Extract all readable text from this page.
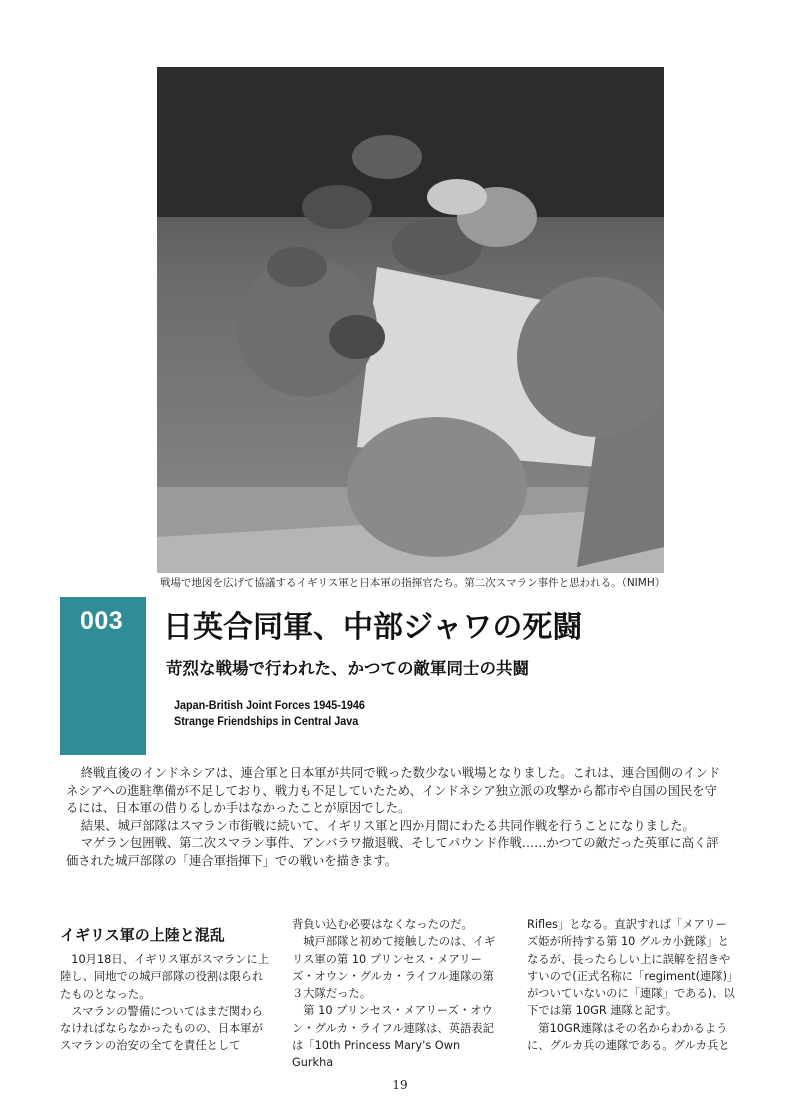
戦場で地図を広げて協議するイギリス軍と日本軍の指揮官たち。第二次スマラン事件と思われる。（NIMH）
003 日英合同軍、中部ジャワの死闘
苛烈な戦場で行われた、かつての敵軍同士の共闘
Japan-British Joint Forces 1945-1946
Strange Friendships in Central Java

終戦直後のインドネシアは、連合軍と日本軍が共同で戦った数少ない戦場となりました。これは、連合国側のインドネシアへの進駐準備が不足しており、戦力も不足していたため、インドネシア独立派の攻撃から都市や自国の国民を守るには、日本軍の借りるしか手はなかったことが原因でした。

結果、城戸部隊はスマラン市街戦に続いて、イギリス軍と四か月間にわたる共同作戦を行うことになりました。

マゲラン包囲戦、第二次スマラン事件、アンバラワ撤退戦、そしてパウンド作戦……かつての敵だった英軍に高く評価された城戸部隊の「連合軍指揮下」での戦いを描きます。

イギリス軍の上陸と混乱

10月18日、イギリス軍がスマランに上陸し、同地での城戸部隊の役割は限られたものとなった。

スマランの警備についてはまだ関わらなければならなかったものの、日本軍がスマランの治安の全てを責任として

背負い込む必要はなくなったのだ。

城戸部隊と初めて接触したのは、イギリス軍の第 10 プリンセス・メアリーズ・オウン・グルカ・ライフル連隊の第３大隊だった。

第 10 プリンセス・メアリーズ・オウン・グルカ・ライフル連隊は、英語表記は「10th Princess Mary's Own Gurkha

Rifles」となる。直訳すれば「メアリーズ姫が所持する第 10 グルカ小銃隊」となるが、長ったらしい上に誤解を招きやすいので(正式名称に「regiment(連隊)」がついていないのに「連隊」である)、以下では第 10GR 連隊と記す。

第10GR連隊はその名からわかるように、グルカ兵の連隊である。グルカ兵と

19
